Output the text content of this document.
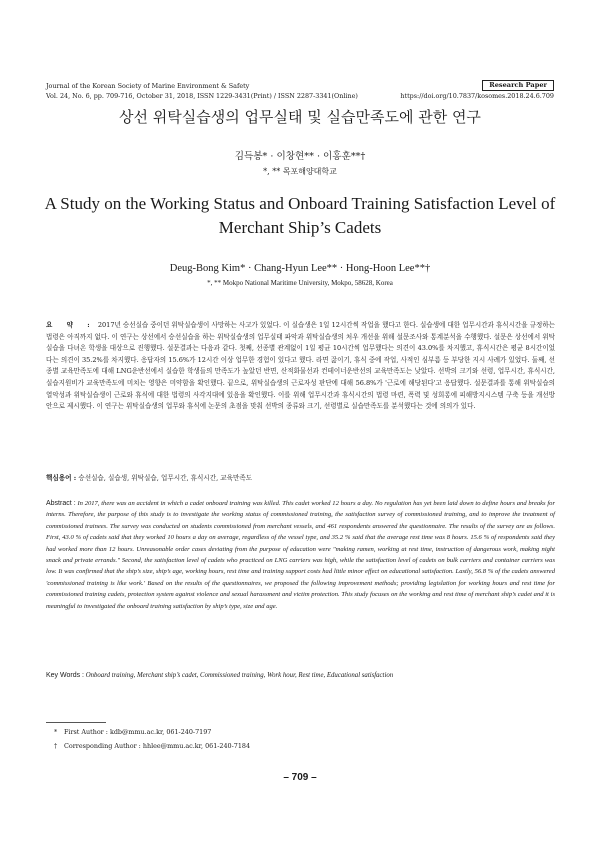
Journal of the Korean Society of Marine Environment & Safety	Research Paper
Vol. 24, No. 6, pp. 709-716, October 31, 2018, ISSN 1229-3431(Print) / ISSN 2287-3341(Online)	https://doi.org/10.7837/kosomes.2018.24.6.709
상선 위탁실습생의 업무실태 및 실습만족도에 관한 연구
김득봉* · 이창현** · 이홍훈**†
*, ** 목포해양대학교
A Study on the Working Status and Onboard Training Satisfaction Level of Merchant Ship’s Cadets
Deug-Bong Kim* · Chang-Hyun Lee** · Hong-Hoon Lee**†
*, ** Mokpo National Maritime University, Mokpo, 58628, Korea
요 약 : 2017년 승선실습 중이던 위탁실습생이 사망하는 사고가 있었다. 이 실습생은 1일 12시간씩 작업을 했다고 한다. 실습생에 대한 업무시간과 휴식시간을 규정하는 법령은 아직까지 없다. 이 연구는 상선에서 승선실습을 하는 위탁실습생의 업무실태 파악과 위탁실습생의 처우 개선을 위해 설문조사와 통계분석을 수행했다. 설문은 상선에서 위탁실습을 다녀온 학생을 대상으로 진행했다. 설문결과는 다음과 같다. 첫째, 선종별 관계없이 1일 평균 10시간씩 업무했다는 의견이 43.0%를 차지했고, 휴식시간은 평균 8시간이었다는 의견이 35.2%를 차지했다. 응답자의 15.6%가 12시간 이상 업무한 경험이 있다고 했다. 라면 끓이기, 휴식 중에 작업, 사적인 심부름 등 부당한 지시 사례가 있었다. 둘째, 선종별 교육만족도에 대해 LNG운반선에서 실습한 학생들의 만족도가 높았던 반면, 산적화물선과 컨테이너운반선의 교육만족도는 낮았다. 선박의 크기와 선령, 업무시간, 휴식시간, 실습지원비가 교육만족도에 미치는 영향은 미약함을 확인했다. 끝으로, 위탁실습생의 근로자성 판단에 대해 56.8%가 '근로에 해당된다'고 응답했다. 설문결과를 통해 위탁실습의 열악성과 위탁실습생이 근로와 휴식에 대한 법령의 사각지대에 있음을 확인했다. 이를 위해 업무시간과 휴식시간의 법령 마련, 폭력 및 성희롱에 피해방지시스템 구축 등을 개선방안으로 제시했다. 이 연구는 위탁실습생의 업무와 휴식에 논문의 초점을 맞춰 선박의 종류와 크기, 선령별로 실습만족도를 분석했다는 것에 의의가 있다.
핵심용어 : 승선실습, 실습생, 위탁실습, 업무시간, 휴식시간, 교육만족도
Abstract : In 2017, there was an accident in which a cadet onboard training was killed. This cadet worked 12 hours a day. No regulation has yet been laid down to define hours and breaks for interns. Therefore, the purpose of this study is to investigate the working status of commissioned training, the satisfaction survey of commissioned training, and to improve the treatment of commissioned trainees. The survey was conducted on students commissioned from merchant vessels, and 461 respondents answered the questionnaire. The results of the survey are as follows. First, 43.0 % of cadets said that they worked 10 hours a day on average, regardless of the vessel type, and 35.2 % said that the average rest time was 8 hours. 15.6 % of respondents said they had worked more than 12 hours. Unreasonable order cases deviating from the purpose of education were "making ramen, working at rest time, instruction of dangerous work, making night snack and private errands." Second, the satisfaction level of cadets who practiced on LNG carriers was high, while the satisfaction level of cadets on bulk carriers and container carriers was low. It was confirmed that the ship’s size, ship’s age, working hours, rest time and training support costs had little minor effect on educational satisfaction. Lastly, 56.8 % of the cadets answered 'commissioned training is like work.' Based on the results of the questionnaires, we proposed the following improvement methods; providing legislation for working hours and rest time for commissioned training cadets, protection system against violence and sexual harassment and victim protection. This study focuses on the working and rest time of merchant ship’s cadet and it is meaningful to investigated the onboard training satisfaction by ship’s type, size and age.
Key Words : Onboard training, Merchant ship’s cadet, Commissioned training, Work hour, Rest time, Educational satisfaction
* First Author : kdb@mmu.ac.kr, 061-240-7197
† Corresponding Author : hhlee@mmu.ac.kr, 061-240-7184
– 709 –
